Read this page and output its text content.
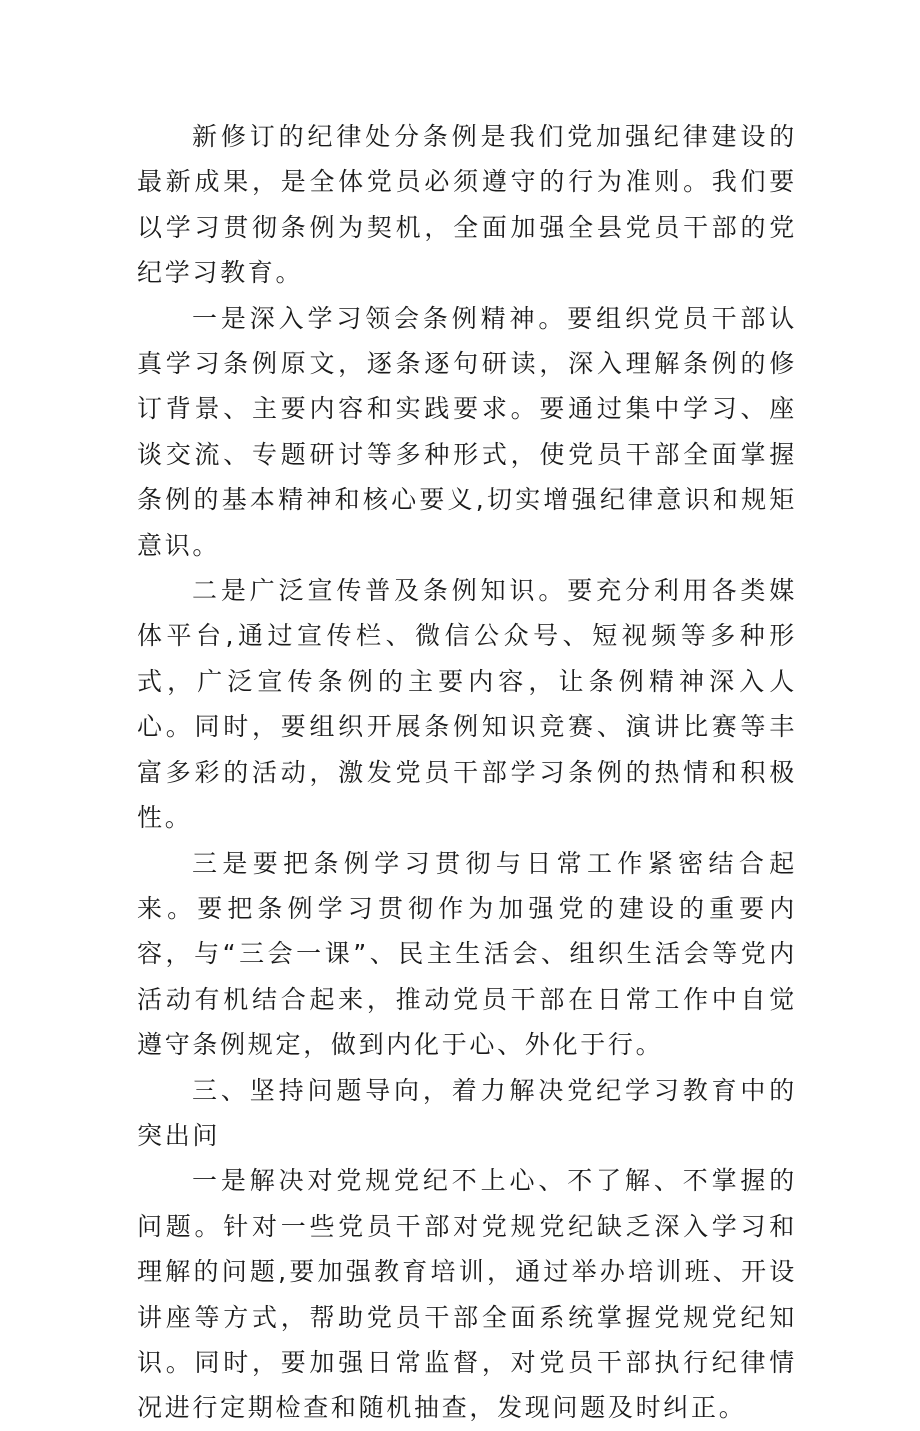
新修订的纪律处分条例是我们党加强纪律建设的最新成果，是全体党员必须遵守的行为准则。我们要以学习贯彻条例为契机，全面加强全县党员干部的党纪学习教育。

一是深入学习领会条例精神。要组织党员干部认真学习条例原文，逐条逐句研读，深入理解条例的修订背景、主要内容和实践要求。要通过集中学习、座谈交流、专题研讨等多种形式，使党员干部全面掌握条例的基本精神和核心要义,切实增强纪律意识和规矩意识。

二是广泛宣传普及条例知识。要充分利用各类媒体平台,通过宣传栏、微信公众号、短视频等多种形式，广泛宣传条例的主要内容，让条例精神深入人心。同时，要组织开展条例知识竞赛、演讲比赛等丰富多彩的活动，激发党员干部学习条例的热情和积极性。

三是要把条例学习贯彻与日常工作紧密结合起来。要把条例学习贯彻作为加强党的建设的重要内容，与“三会一课”、民主生活会、组织生活会等党内活动有机结合起来，推动党员干部在日常工作中自觉遵守条例规定，做到内化于心、外化于行。

三、坚持问题导向，着力解决党纪学习教育中的突出问

一是解决对党规党纪不上心、不了解、不掌握的问题。针对一些党员干部对党规党纪缺乏深入学习和理解的问题,要加强教育培训，通过举办培训班、开设讲座等方式，帮助党员干部全面系统掌握党规党纪知识。同时，要加强日常监督，对党员干部执行纪律情况进行定期检查和随机抽查，发现问题及时纠正。
